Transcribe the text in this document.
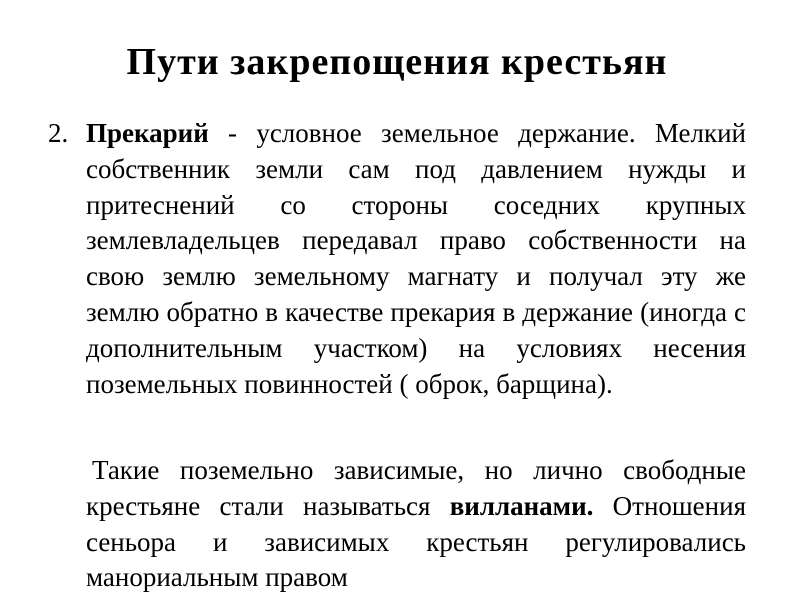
Пути закрепощения крестьян
2. Прекарий - условное земельное держание. Мелкий собственник земли сам под давлением нужды и притеснений со стороны соседних крупных землевладельцев передавал право собственности на свою землю земельному магнату и получал эту же землю обратно в качестве прекария в держание (иногда с дополнительным участком) на условиях несения поземельных повинностей ( оброк, барщина).
Такие поземельно зависимые, но лично свободные крестьяне стали называться вилланами. Отношения сеньора и зависимых крестьян регулировались манориальным правом
